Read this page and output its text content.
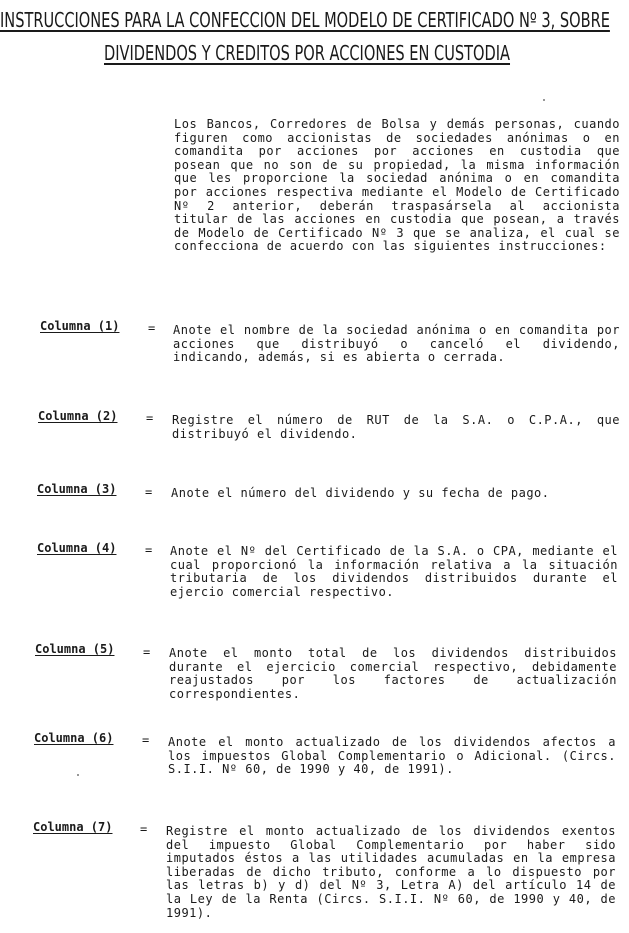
INSTRUCCIONES PARA LA CONFECCION DEL MODELO DE CERTIFICADO Nº 3, SOBRE
DIVIDENDOS Y CREDITOS POR ACCIONES EN CUSTODIA
Los Bancos, Corredores de Bolsa y demás personas, cuando figuren como accionistas de sociedades anónimas o en comandita por acciones por acciones en custodia que posean que no son de su propiedad, la misma información que les proporcione la sociedad anónima o en comandita por acciones respectiva mediante el Modelo de Certificado Nº 2 anterior, deberán traspasársela al accionista titular de las acciones en custodia que posean, a través de Modelo de Certificado Nº 3 que se analiza, el cual se confecciona de acuerdo con las siguientes instrucciones:
Columna (1) = Anote el nombre de la sociedad anónima o en comandita por acciones que distribuyó o canceló el dividendo, indicando, además, si es abierta o cerrada.
Columna (2) = Registre el número de RUT de la S.A. o C.P.A., que distribuyó el dividendo.
Columna (3) = Anote el número del dividendo y su fecha de pago.
Columna (4) = Anote el Nº del Certificado de la S.A. o CPA, mediante el cual proporcionó la información relativa a la situación tributaria de los dividendos distribuidos durante el ejercio comercial respectivo.
Columna (5) = Anote el monto total de los dividendos distribuidos durante el ejercicio comercial respectivo, debidamente reajustados por los factores de actualización correspondientes.
Columna (6) = Anote el monto actualizado de los dividendos afectos a los impuestos Global Complementario o Adicional. (Circs. S.I.I. Nº 60, de 1990 y 40, de 1991).
Columna (7) = Registre el monto actualizado de los dividendos exentos del impuesto Global Complementario por haber sido imputados éstos a las utilidades acumuladas en la empresa liberadas de dicho tributo, conforme a lo dispuesto por las letras b) y d) del Nº 3, Letra A) del artículo 14 de la Ley de la Renta (Circs. S.I.I. Nº 60, de 1990 y 40, de 1991).
